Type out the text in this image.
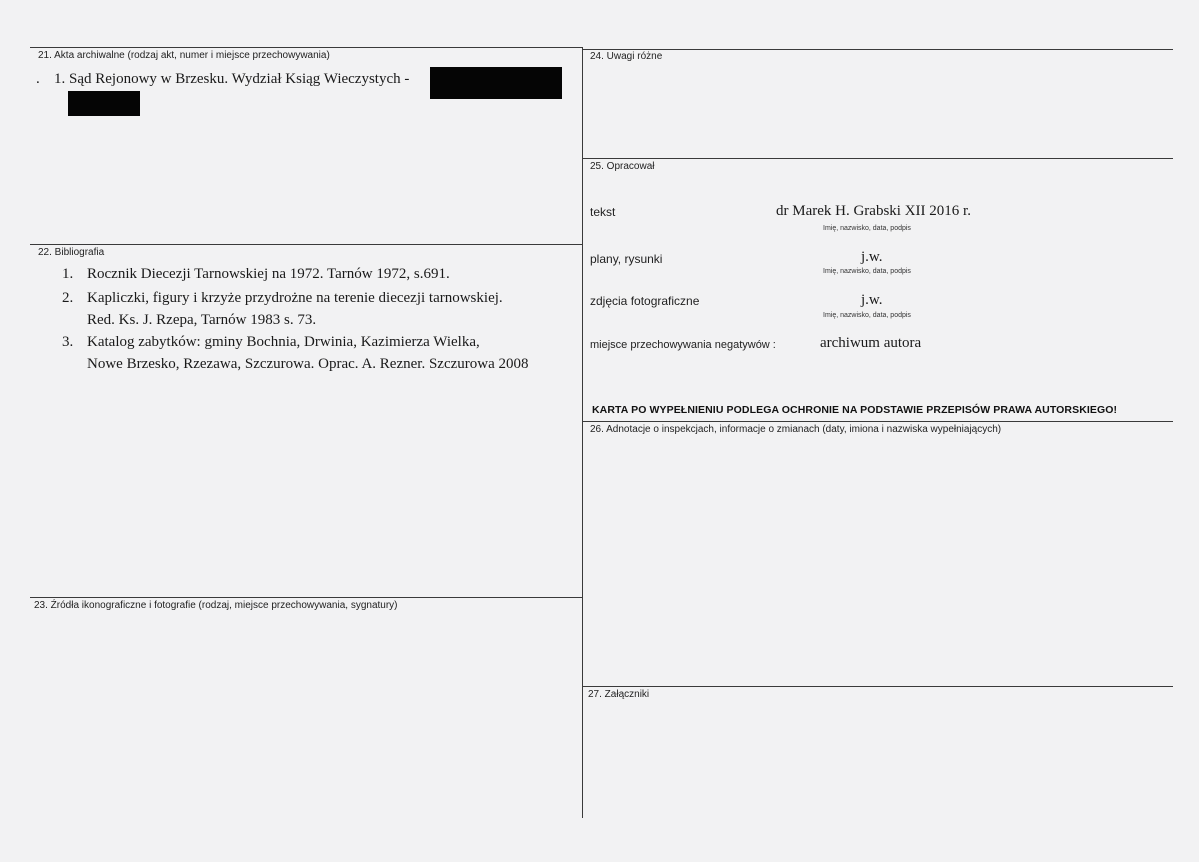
21. Akta archiwalne (rodzaj akt, numer i miejsce przechowywania)
. 1. Sąd Rejonowy w Brzesku. Wydział Ksiąg Wieczystych -
22. Bibliografia
1. Rocznik Diecezji Tarnowskiej na 1972. Tarnów 1972, s.691.
2. Kapliczki, figury i krzyże przydrożne na terenie diecezji tarnowskiej.
Red. Ks. J. Rzepa, Tarnów 1983 s. 73.
3. Katalog zabytków: gminy Bochnia, Drwinia, Kazimierza Wielka,
Nowe Brzesko, Rzezawa, Szczurowa. Oprac. A. Rezner. Szczurowa 2008
23. Źródła ikonograficzne i fotografie (rodzaj, miejsce przechowywania, sygnatury)
24. Uwagi różne
25. Opracował
tekst	dr Marek H. Grabski XII 2016 r.
Imię, nazwisko, data, podpis
plany, rysunki	j.w.
Imię, nazwisko, data, podpis
zdjęcia fotograficzne	j.w.
Imię, nazwisko, data, podpis
miejsce przechowywania negatywów :	archiwum autora
KARTA PO WYPEŁNIENIU PODLEGA OCHRONIE NA PODSTAWIE PRZEPISÓW PRAWA AUTORSKIEGO!
26. Adnotacje o inspekcjach, informacje o zmianach (daty, imiona i nazwiska wypełniających)
27. Załączniki
